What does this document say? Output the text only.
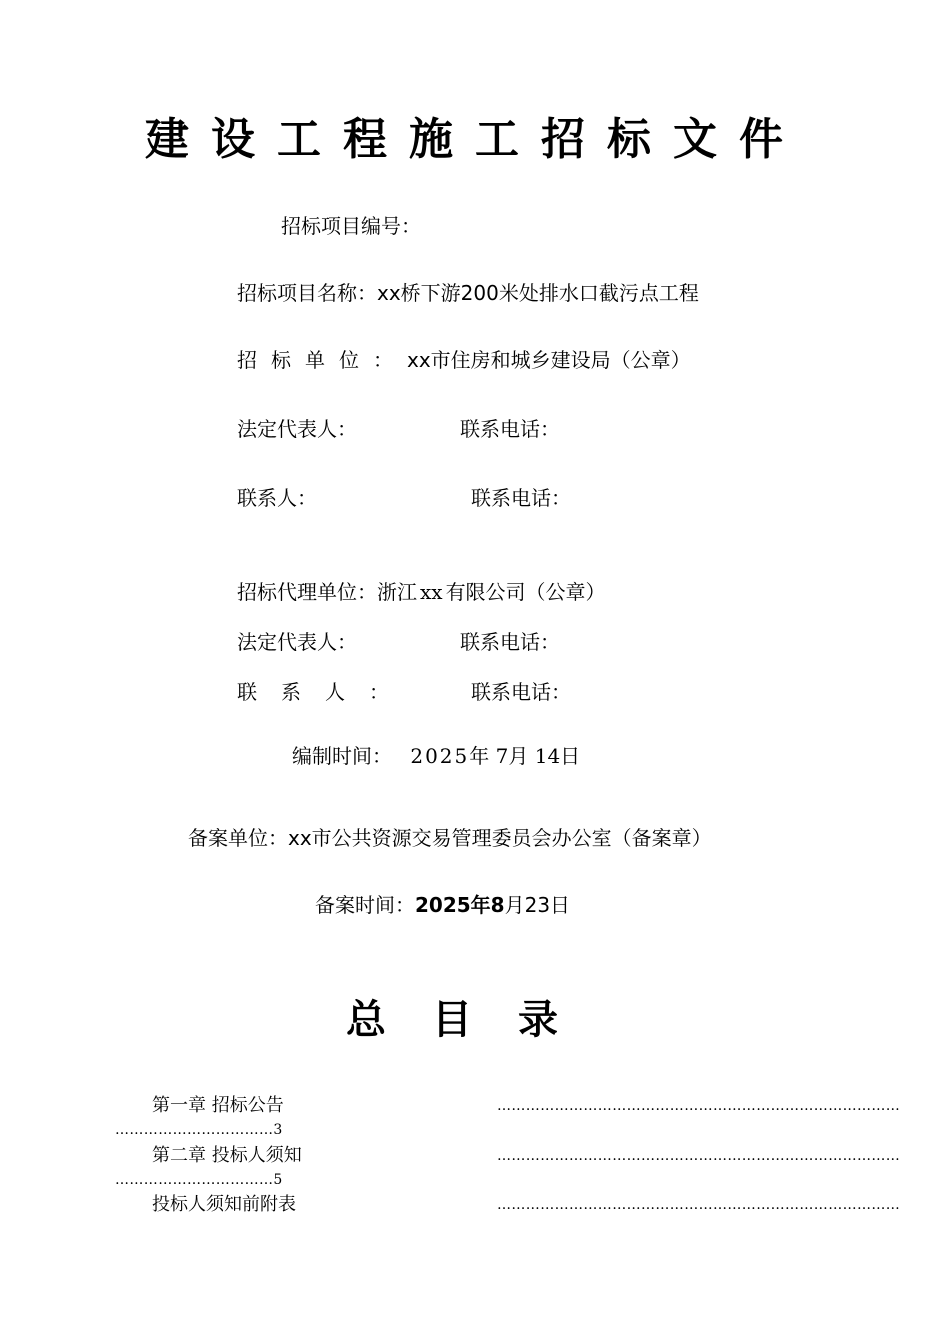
建设工程施工招标文件
招标项目编号：
招标项目名称：xx桥下游200米处排水口截污点工程
招标单位：xx市住房和城乡建设局（公章）
法定代表人：	联系电话：
联系人：	联系电话：
招标代理单位：浙江 xx 有限公司（公章）
法定代表人：	联系电话：
联系人：	联系电话：
编制时间： 2025年 7月 14日
备案单位：xx市公共资源交易管理委员会办公室（备案章）
备案时间：2025年8月23日
总目录
第一章 招标公告	…………………………………………………………………………
……………………………3
第二章 投标人须知	…………………………………………………………………………
……………………………5
投标人须知前附表	…………………………………………………………………………
